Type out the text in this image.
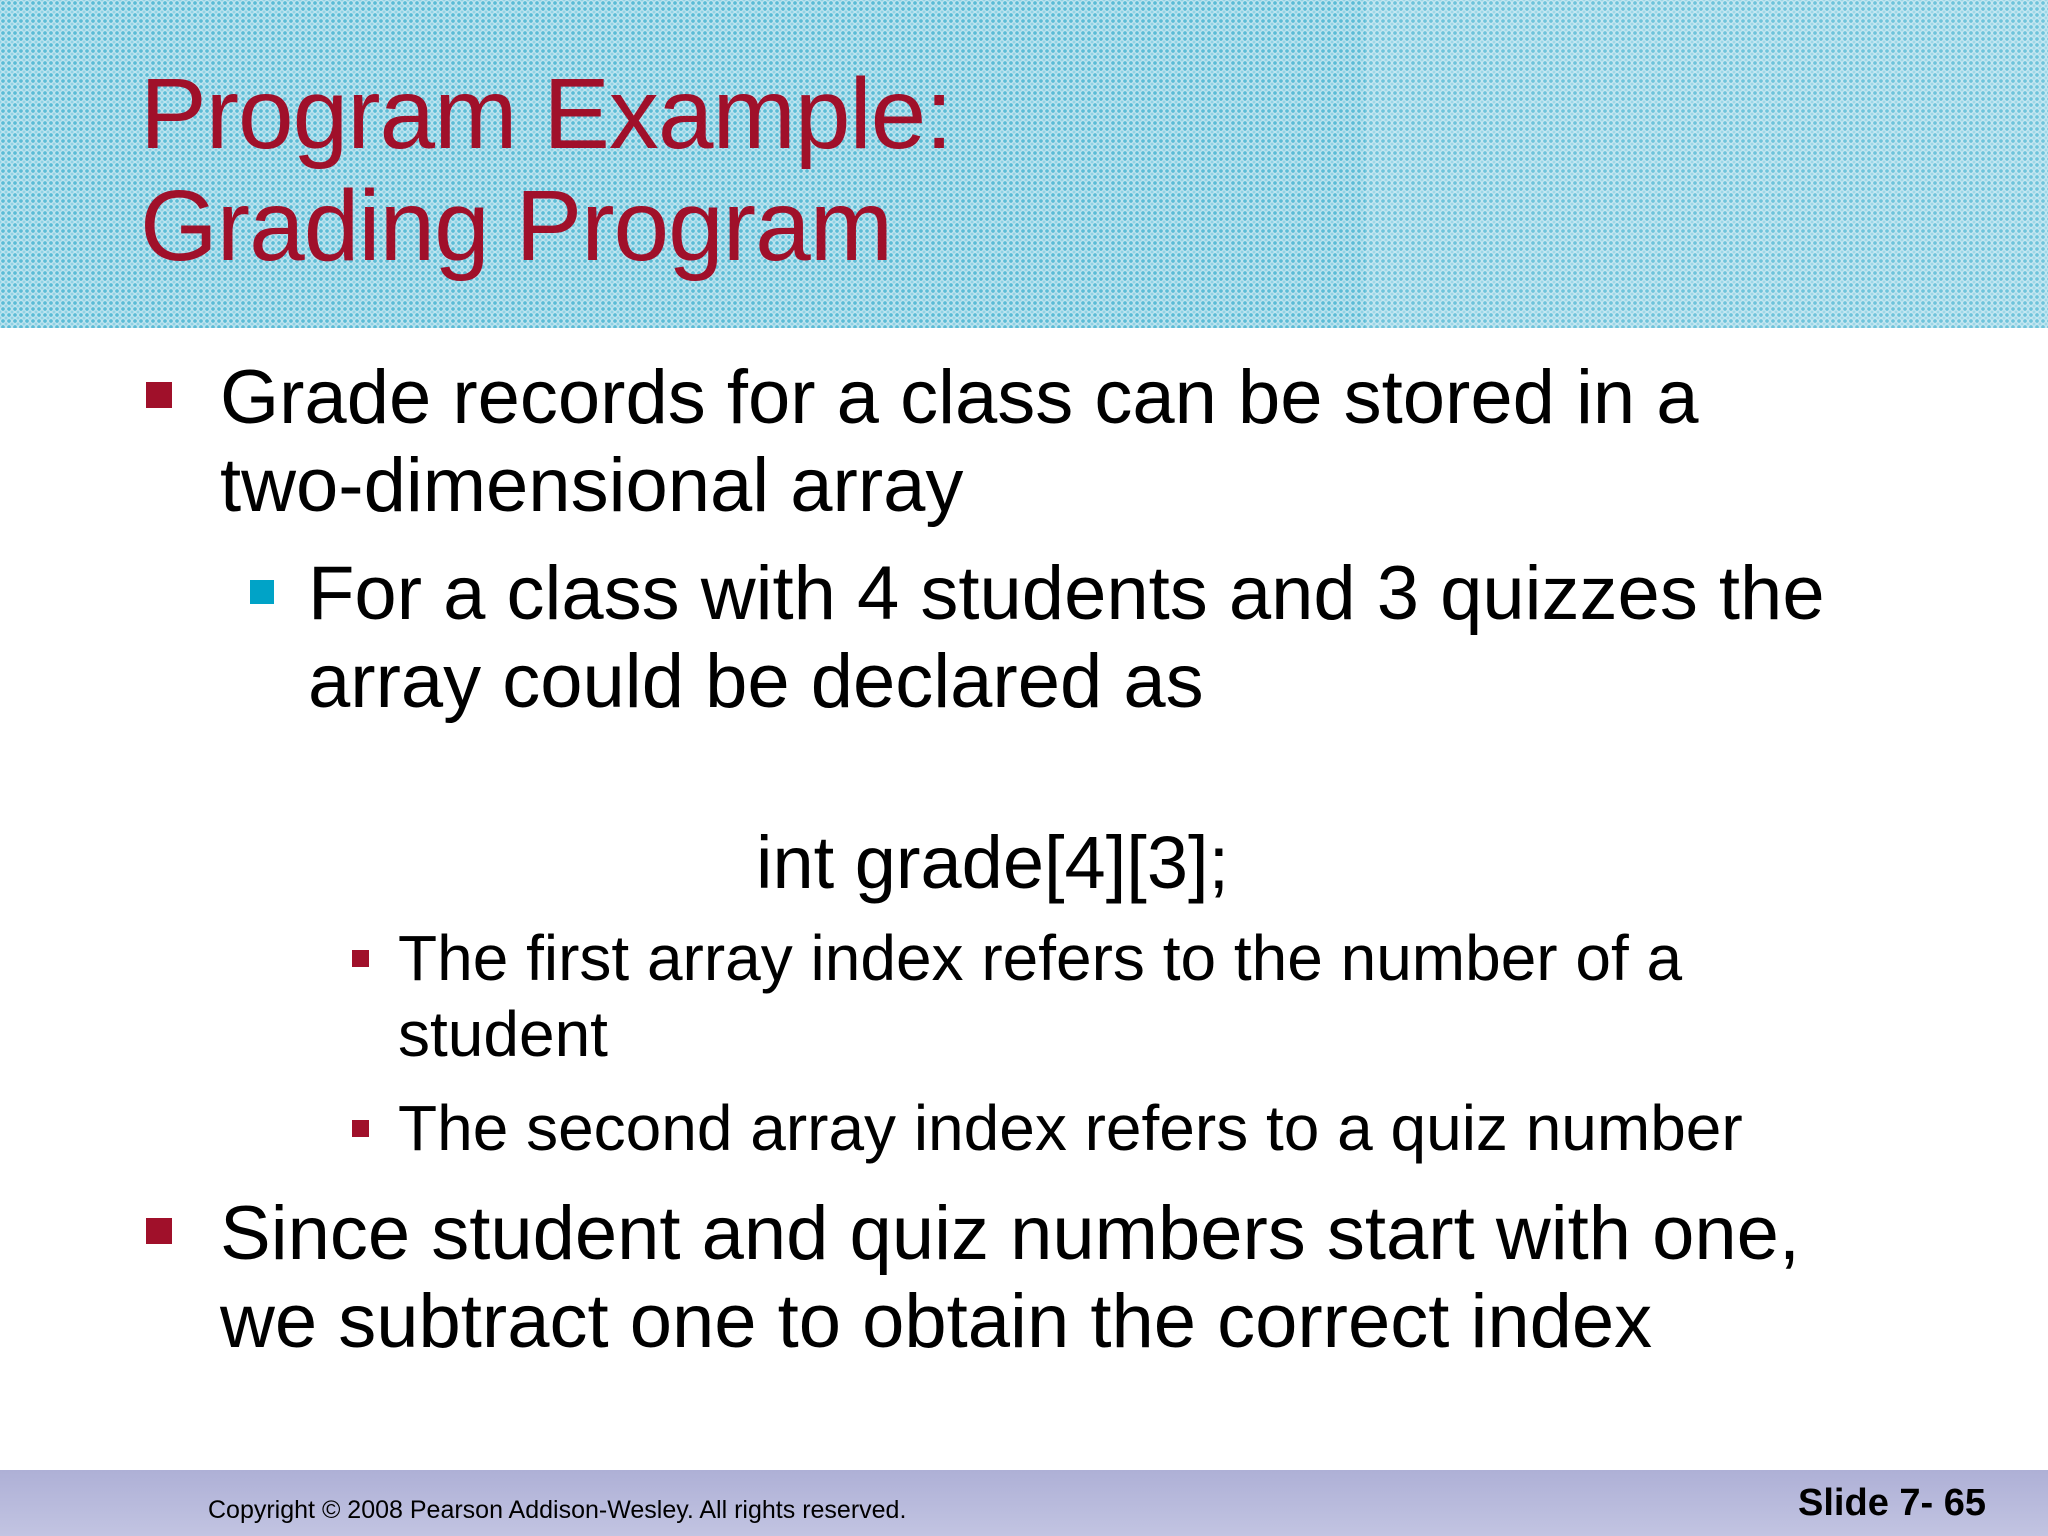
Program Example:
Grading Program
Grade records for a class can be stored in a
two-dimensional array
For a class with 4 students and 3 quizzes the
array could be declared as
int grade[4][3];
The first array index refers to the number of a
student
The second array index refers to a quiz number
Since student and quiz numbers start with one,
we subtract one to obtain the correct index

Copyright © 2008 Pearson Addison-Wesley. All rights reserved.	Slide 7- 65
